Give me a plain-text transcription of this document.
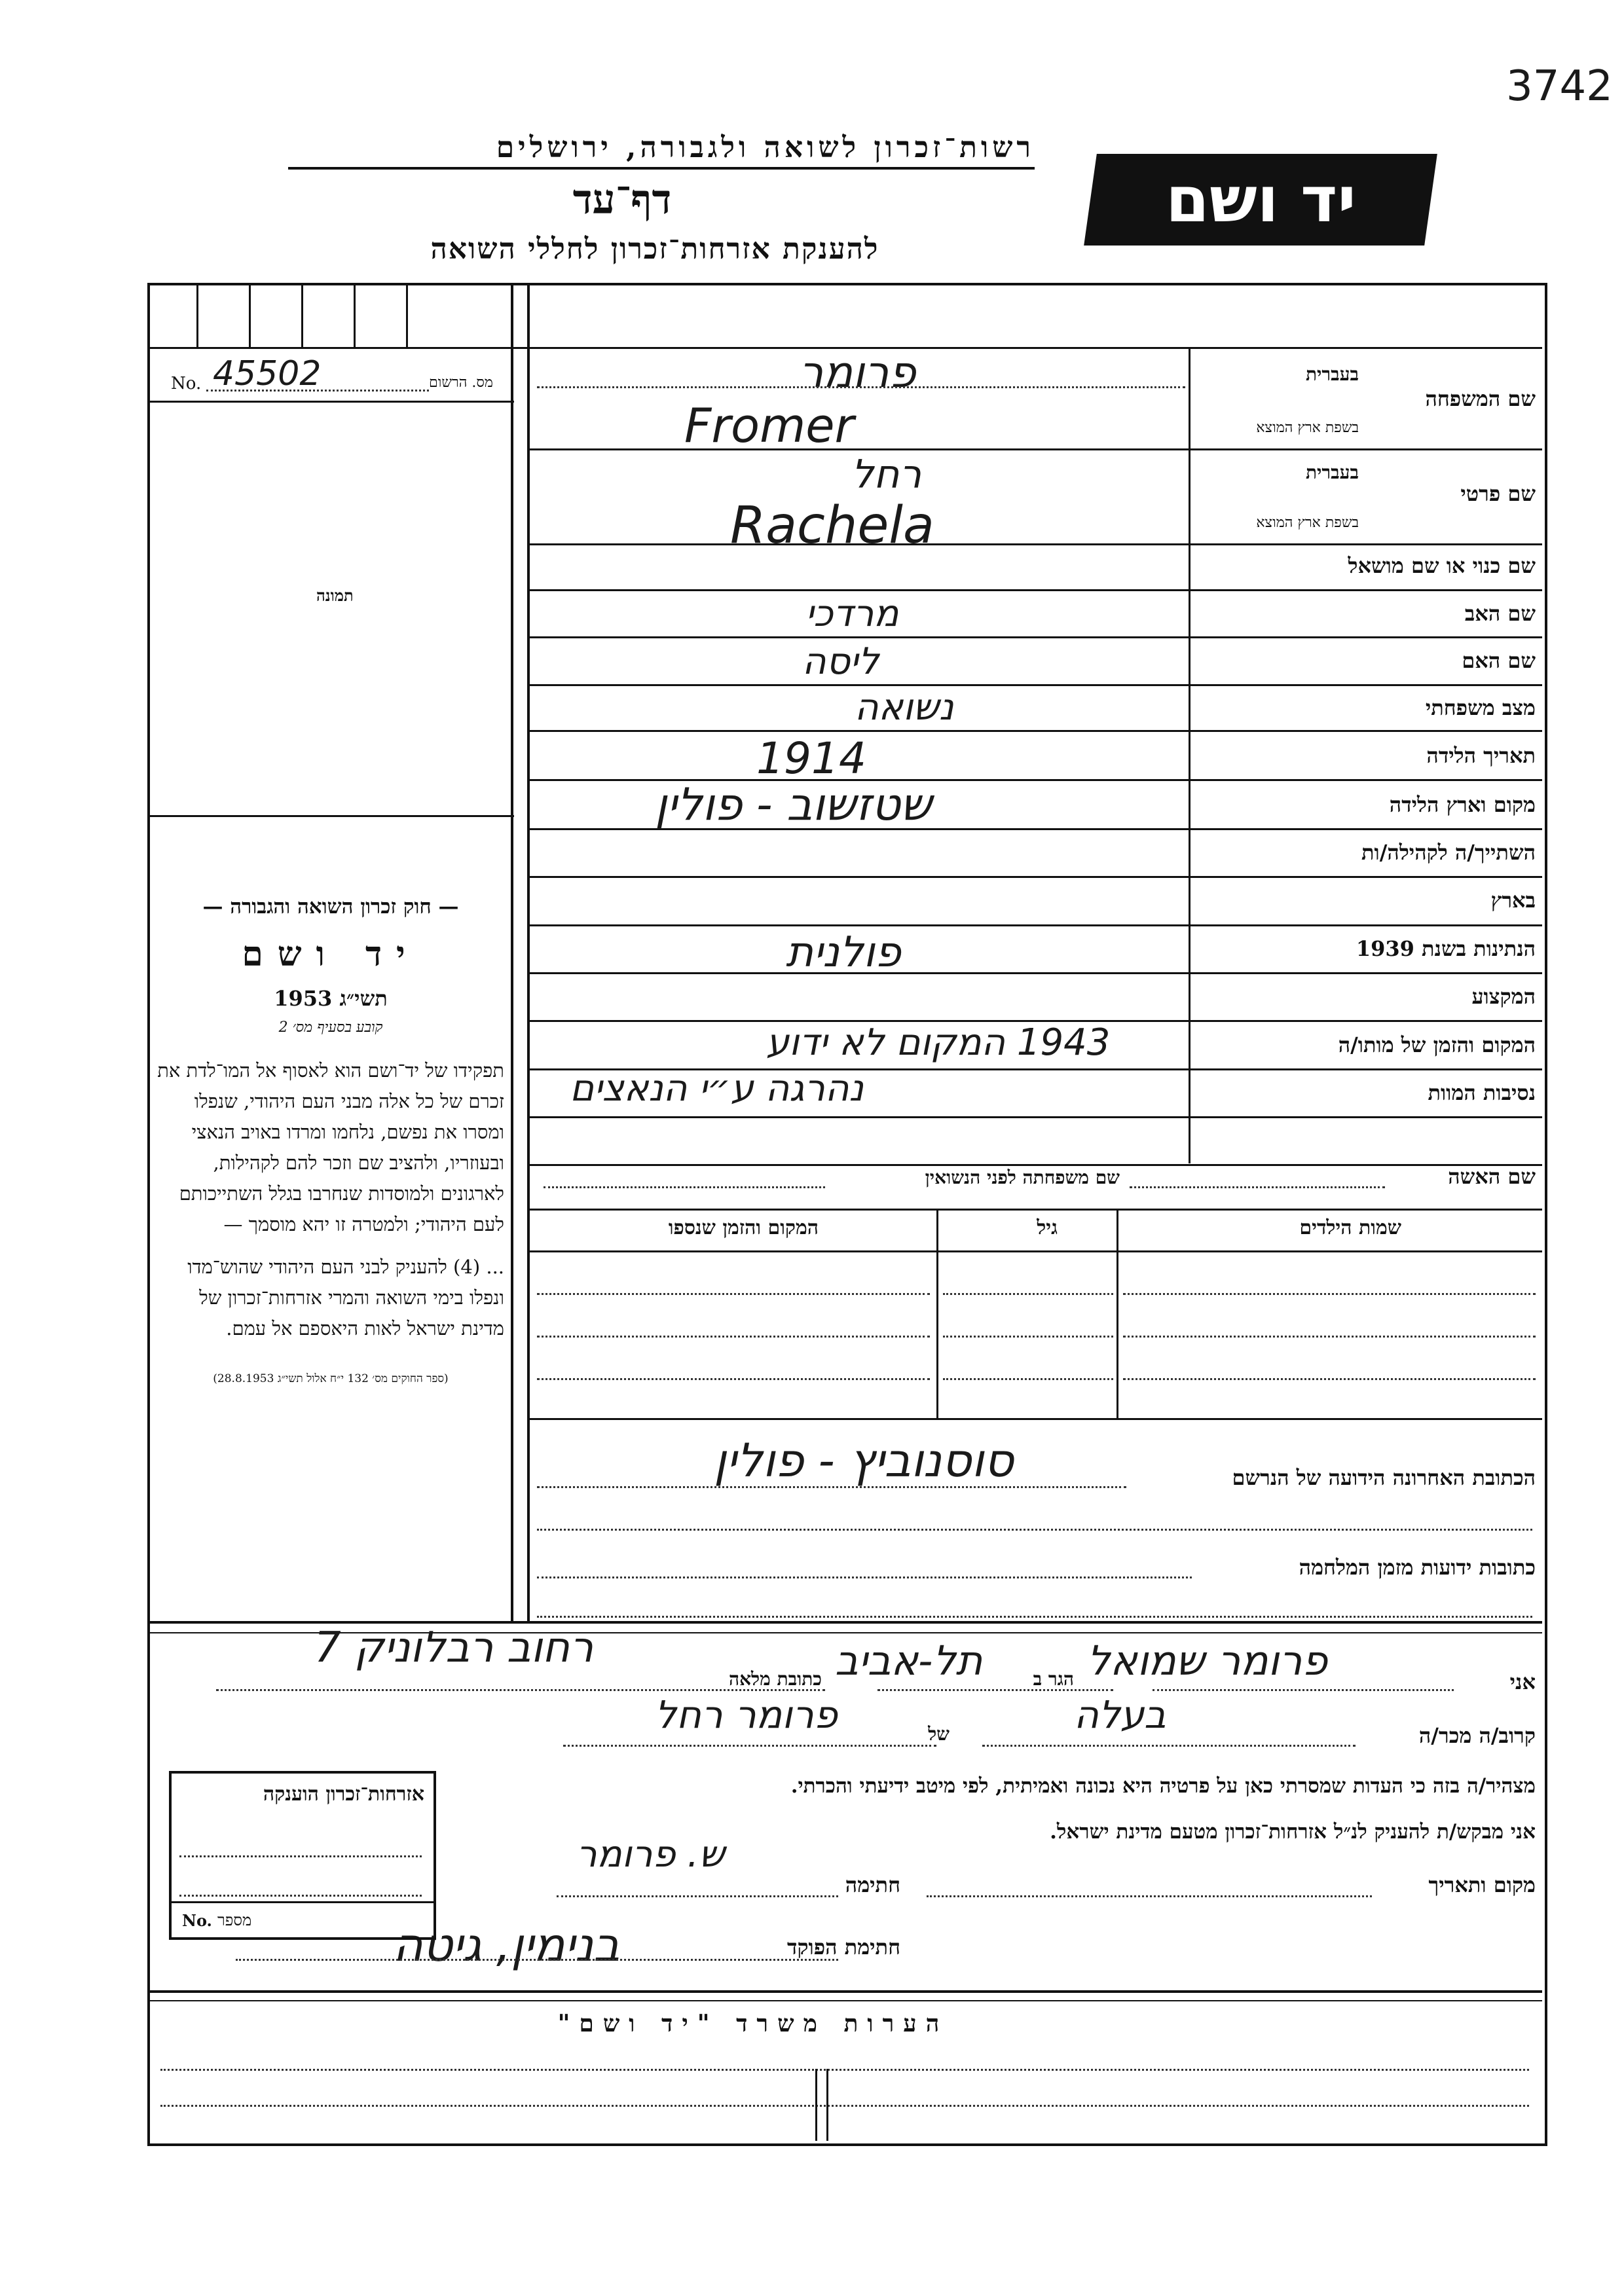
3742
רשות־זכרון לשואה ולגבורה, ירושלים
דף־עד
להענקת אזרחות־זכרון לחללי השואה
יד ושם
No. 45502	מס. הרשום
תמונה
— חוק זכרון השואה והגבורה —
יד ושם
תשי״ג 1953
קובע בסעיף מס׳ 2

תפקידו של יד־ושם הוא לאסוף אל המו־לדת את זכרם של כל אלה מבני העם היהודי, שנפלו ומסרו את נפשם, נלחמו ומרדו באויב הנאצי ובעוזריו, ולהציב שם וזכר להם לקהילות, לארגונים ולמוסדות שנחרבו בגלל השתייכותם לעם היהודי; ולמטרה זו יהא מוסמך —

... (4) להעניק לבני העם היהודי שהוש־מדו ונפלו בימי השואה והמרי אזרחות־זכרון של מדינת ישראל לאות היאספם אל עמם.

(ספר החוקים מס׳ 132 י״ח אלול תשי״ג 28.8.1953)
שם המשפחה
בעברית
בשפת ארץ המוצא
פרומר
Fromer
שם פרטי
בעברית
בשפת ארץ המוצא
רחל
Rachela
שם כנוי או שם מושאל
שם האב
מרדכי
שם האם
ליסה
מצב משפחתי
נשואה
תאריך הלידה
1914
מקום וארץ הלידה
שטזשוב - פולין
השתייך/ה לקהילה/ות
בארץ
הנתינות בשנת 1939
פולנית
המקצוע
המקום והזמן של מותו/ה
1943 המקום לא ידוע
נסיבות המוות
נהרגה ע״י הנאצים
שם האשה
שם משפחתה לפני הנשואין
שמות הילדים
גיל
המקום והזמן שנספו
הכתובת האחרונה הידועה של הנרשם
סוסנוביץ - פולין
כתובות ידועות מזמן המלחמה
אני
פרומר שמואל
הגר ב
תל-אביב
כתובת מלאה
רחוב רבלוניק 7
קרוב/ה מכר/ה
בעלה
של
פרומר רחל
מצהיר/ה בזה כי העדות שמסרתי כאן על פרטיה היא נכונה ואמיתית, לפי מיטב ידיעתי והכרתי.
אני מבקש/ת להעניק לנ״ל אזרחות־זכרון מטעם מדינת ישראל.
מקום ותאריך
חתימה
ש. פרומר
חתימת הפוקד
בנימין, גיטה
אזרחות־זכרון הוענקה
No. מספר
הערות משרד "יד ושם"
